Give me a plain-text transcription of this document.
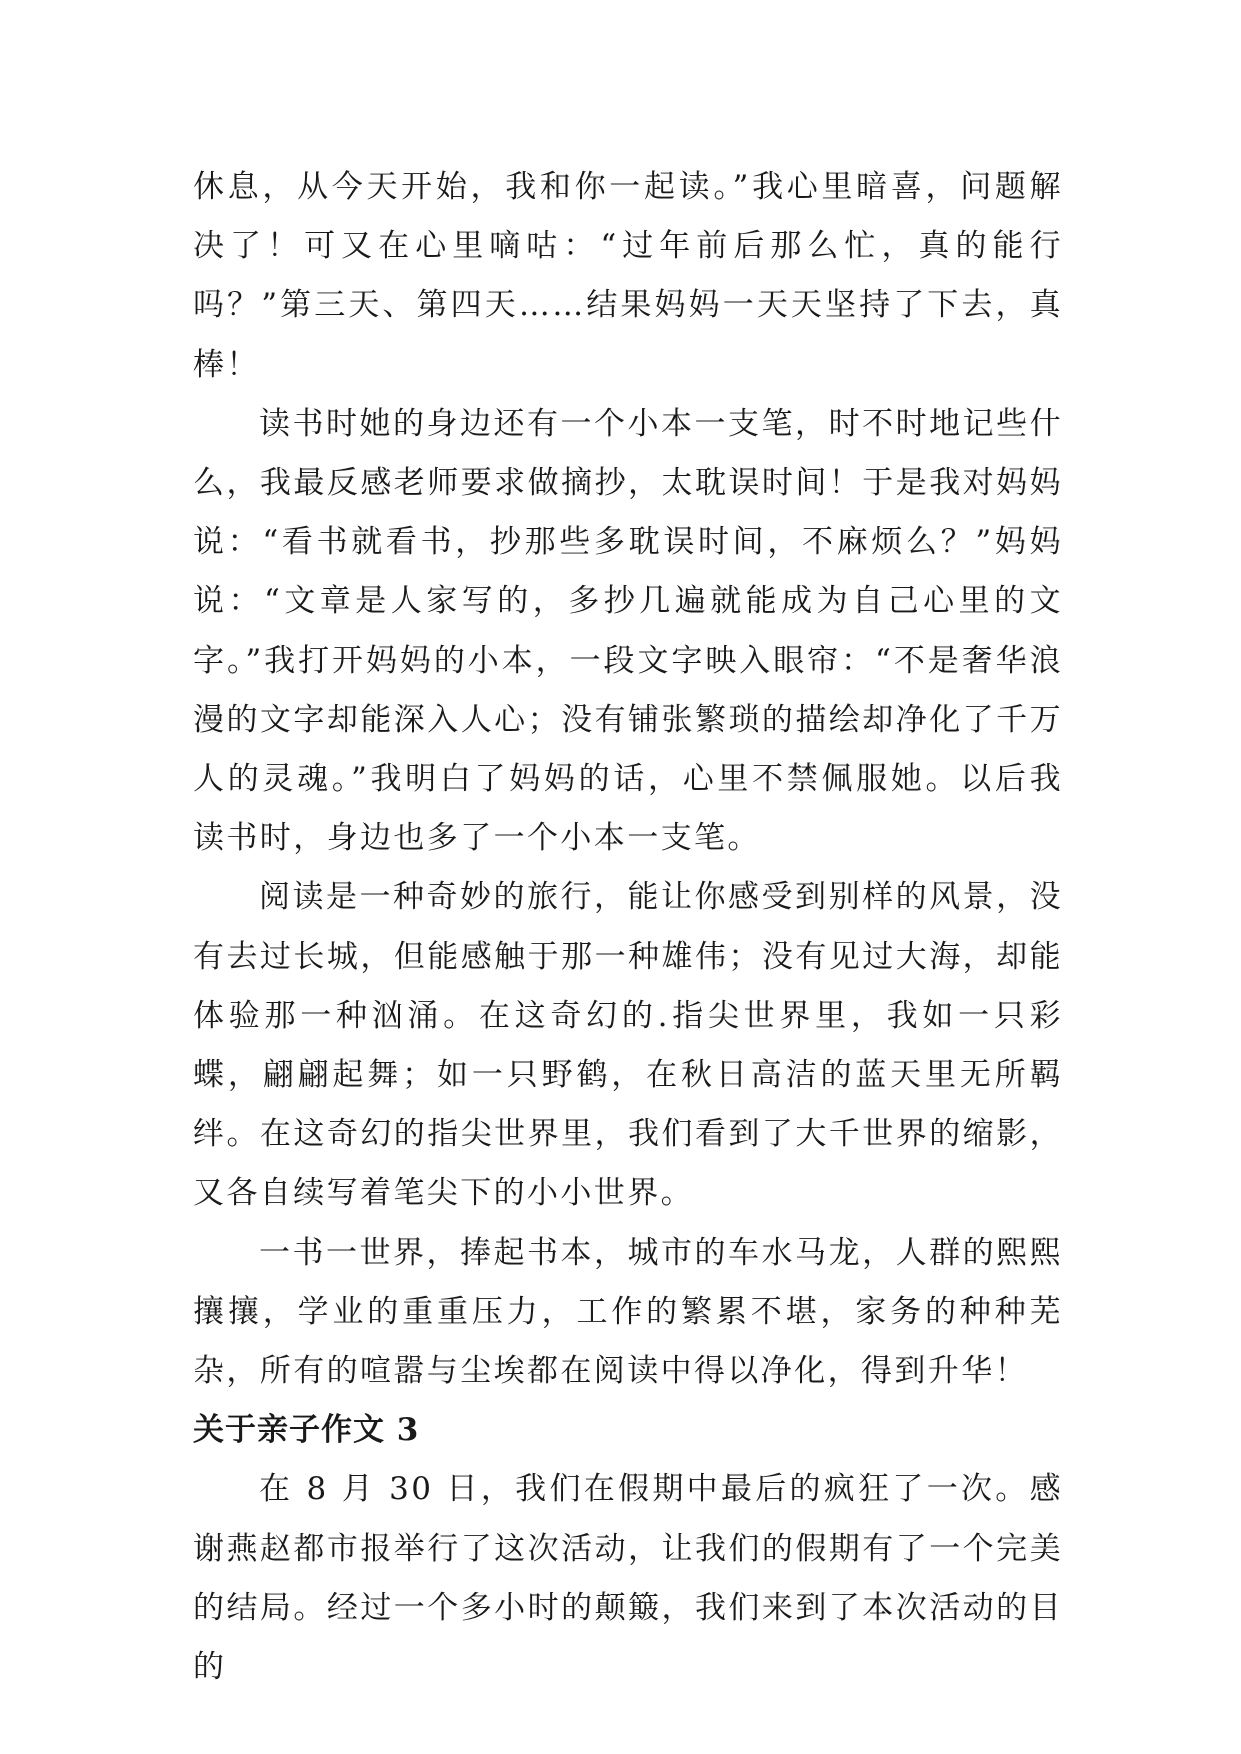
休息，从今天开始，我和你一起读。”我心里暗喜，问题解决了！可又在心里嘀咕：“过年前后那么忙，真的能行吗？”第三天、第四天……结果妈妈一天天坚持了下去，真棒！

读书时她的身边还有一个小本一支笔，时不时地记些什么，我最反感老师要求做摘抄，太耽误时间！于是我对妈妈说：“看书就看书，抄那些多耽误时间，不麻烦么？”妈妈说：“文章是人家写的，多抄几遍就能成为自己心里的文字。”我打开妈妈的小本，一段文字映入眼帘：“不是奢华浪漫的文字却能深入人心；没有铺张繁琐的描绘却净化了千万人的灵魂。”我明白了妈妈的话，心里不禁佩服她。以后我读书时，身边也多了一个小本一支笔。

阅读是一种奇妙的旅行，能让你感受到别样的风景，没有去过长城，但能感触于那一种雄伟；没有见过大海，却能体验那一种汹涌。在这奇幻的.指尖世界里，我如一只彩蝶，翩翩起舞；如一只野鹤，在秋日高洁的蓝天里无所羁绊。在这奇幻的指尖世界里，我们看到了大千世界的缩影，又各自续写着笔尖下的小小世界。

一书一世界，捧起书本，城市的车水马龙，人群的熙熙攘攘，学业的重重压力，工作的繁累不堪，家务的种种芜杂，所有的喧嚣与尘埃都在阅读中得以净化，得到升华！

关于亲子作文 3

在 8 月 30 日，我们在假期中最后的疯狂了一次。感谢燕赵都市报举行了这次活动，让我们的假期有了一个完美的结局。经过一个多小时的颠簸，我们来到了本次活动的目的
